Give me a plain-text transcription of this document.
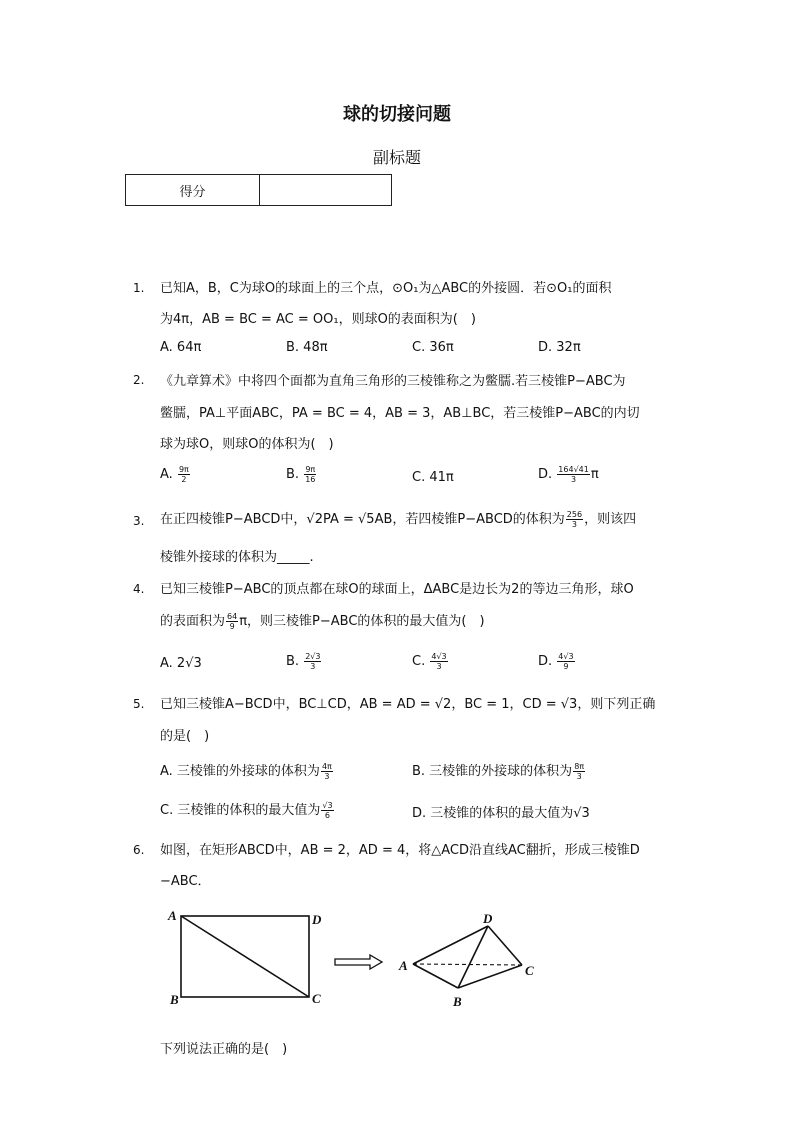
球的切接问题
副标题
得分	
1. 已知A，B，C为球O的球面上的三个点，⊙O₁为△ABC的外接圆．若⊙O₁的面积
为4π，AB = BC = AC = OO₁，则球O的表面积为(　)
A. 64π	B. 48π	C. 36π	D. 32π
2. 《九章算术》中将四个面都为直角三角形的三棱锥称之为鳖臑.若三棱锥P−ABC为
鳖臑，PA⊥平面ABC，PA = BC = 4，AB = 3，AB⊥BC，若三棱锥P−ABC的内切
球为球O，则球O的体积为(　)
A. $\frac{9\pi}{2}$	B. $\frac{9\pi}{16}$	C. 41π	D. $\frac{164√41}{3}$ π
3. 在正四棱锥P−ABCD中，√2PA = √5AB，若四棱锥P−ABCD的体积为 $\frac{256}{3}$ ，则该四
棱锥外接球的体积为_____.
4. 已知三棱锥P−ABC的顶点都在球O的球面上，ΔABC是边长为2的等边三角形，球O
的表面积为 $\frac{64}{9}$ π，则三棱锥P−ABC的体积的最大值为(　)
A. 2√3	B. $\frac{2√3}{3}$	C. $\frac{4√3}{3}$	D. $\frac{4√3}{9}$
5. 已知三棱锥A−BCD中，BC⊥CD，AB = AD = √2，BC = 1，CD = √3，则下列正确
的是(　)
A. 三棱锥的外接球的体积为 $\frac{4\pi}{3}$	B. 三棱锥的外接球的体积为 $\frac{8\pi}{3}$
C. 三棱锥的体积的最大值为 $\frac{√3}{6}$	D. 三棱锥的体积的最大值为√3
6. 如图，在矩形ABCD中，AB = 2，AD = 4，将△ACD沿直线AC翻折，形成三棱锥D
−ABC．
A
B	C
D
A
B
C
D
下列说法正确的是(　)
